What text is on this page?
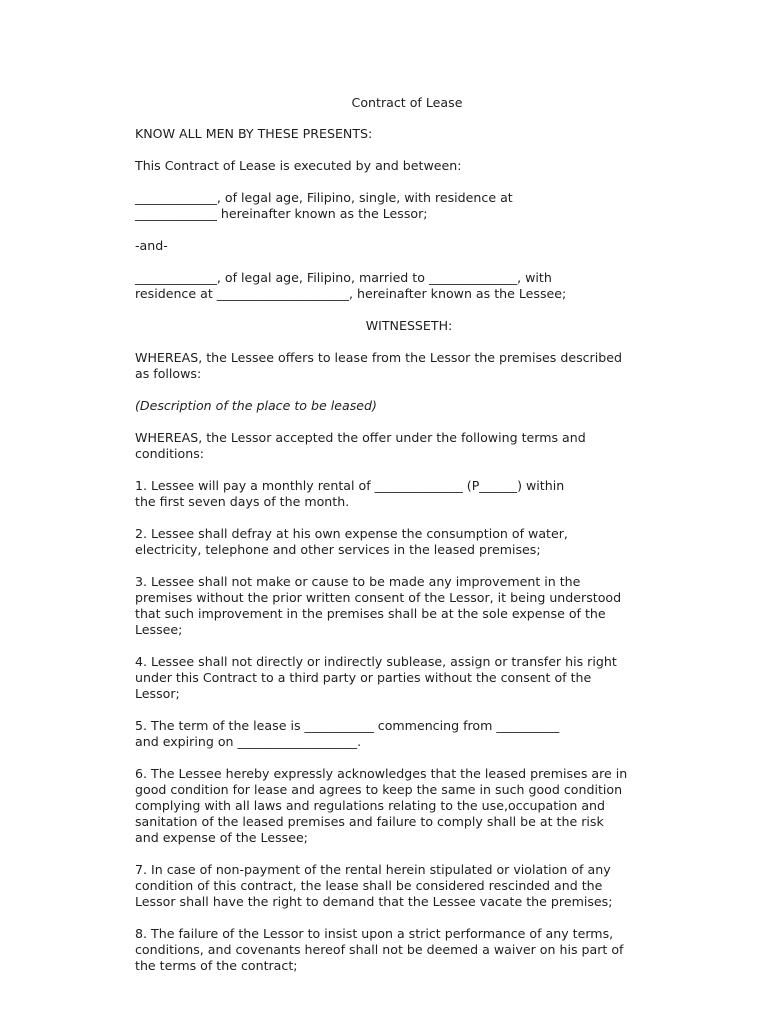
Contract of Lease

KNOW ALL MEN BY THESE PRESENTS:

This Contract of Lease is executed by and between:

_____________, of legal age, Filipino, single, with residence at
_____________ hereinafter known as the Lessor;

-and-

_____________, of legal age, Filipino, married to ______________, with
residence at _____________________, hereinafter known as the Lessee;

WITNESSETH:

WHEREAS, the Lessee offers to lease from the Lessor the premises described
as follows:

(Description of the place to be leased)

WHEREAS, the Lessor accepted the offer under the following terms and
conditions:

1. Lessee will pay a monthly rental of ______________ (P______) within
the first seven days of the month.

2. Lessee shall defray at his own expense the consumption of water,
electricity, telephone and other services in the leased premises;

3. Lessee shall not make or cause to be made any improvement in the
premises without the prior written consent of the Lessor, it being understood
that such improvement in the premises shall be at the sole expense of the
Lessee;

4. Lessee shall not directly or indirectly sublease, assign or transfer his right
under this Contract to a third party or parties without the consent of the
Lessor;

5. The term of the lease is ___________ commencing from __________
and expiring on ___________________.

6. The Lessee hereby expressly acknowledges that the leased premises are in
good condition for lease and agrees to keep the same in such good condition
complying with all laws and regulations relating to the use,occupation and
sanitation of the leased premises and failure to comply shall be at the risk
and expense of the Lessee;

7. In case of non-payment of the rental herein stipulated or violation of any
condition of this contract, the lease shall be considered rescinded and the
Lessor shall have the right to demand that the Lessee vacate the premises;

8. The failure of the Lessor to insist upon a strict performance of any terms,
conditions, and covenants hereof shall not be deemed a waiver on his part of
the terms of the contract;
